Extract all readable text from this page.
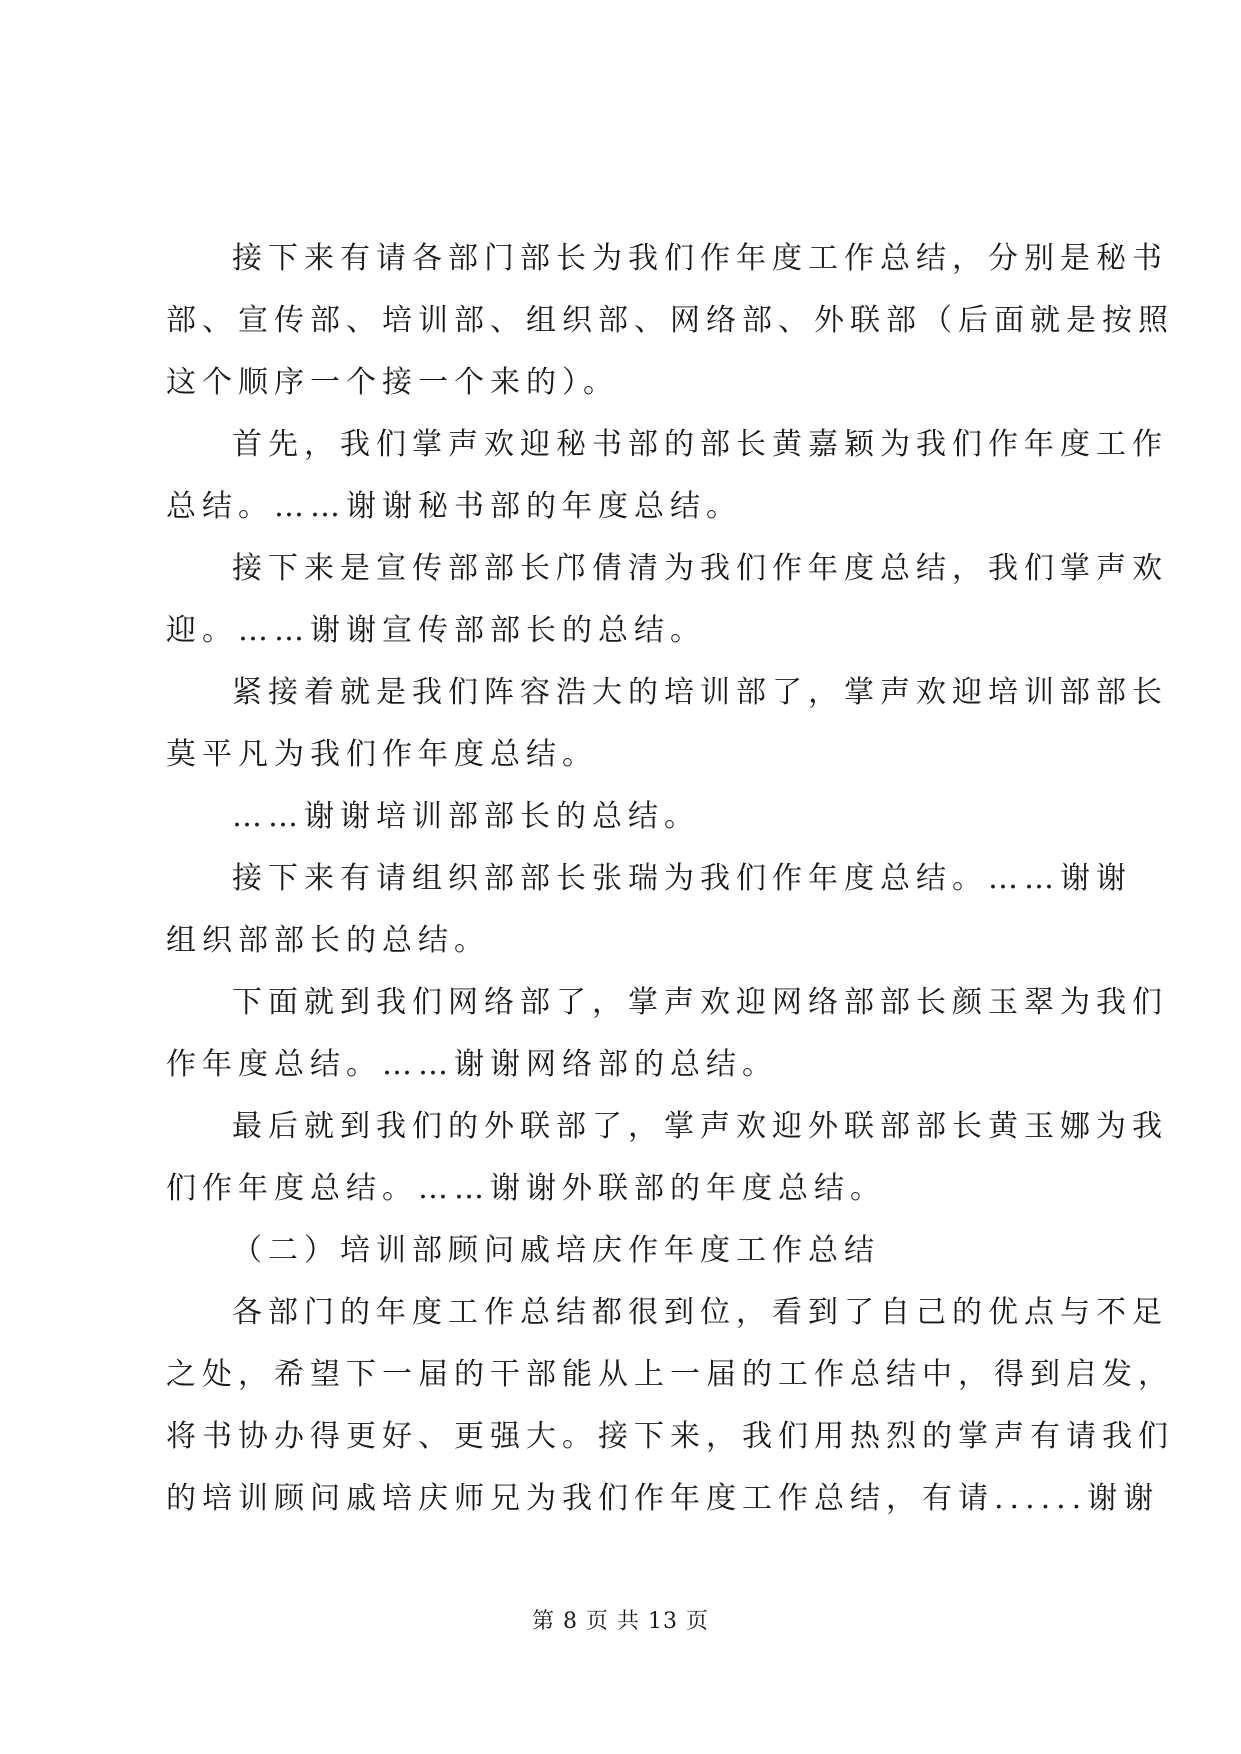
接下来有请各部门部长为我们作年度工作总结，分别是秘书
部、宣传部、培训部、组织部、网络部、外联部（后面就是按照
这个顺序一个接一个来的）。
首先，我们掌声欢迎秘书部的部长黄嘉颖为我们作年度工作
总结。……谢谢秘书部的年度总结。
接下来是宣传部部长邝倩清为我们作年度总结，我们掌声欢
迎。……谢谢宣传部部长的总结。
紧接着就是我们阵容浩大的培训部了，掌声欢迎培训部部长
莫平凡为我们作年度总结。
……谢谢培训部部长的总结。
接下来有请组织部部长张瑞为我们作年度总结。……谢谢
组织部部长的总结。
下面就到我们网络部了，掌声欢迎网络部部长颜玉翠为我们
作年度总结。……谢谢网络部的总结。
最后就到我们的外联部了，掌声欢迎外联部部长黄玉娜为我
们作年度总结。……谢谢外联部的年度总结。
（二）培训部顾问戚培庆作年度工作总结
各部门的年度工作总结都很到位，看到了自己的优点与不足
之处，希望下一届的干部能从上一届的工作总结中，得到启发，
将书协办得更好、更强大。接下来，我们用热烈的掌声有请我们
的培训顾问戚培庆师兄为我们作年度工作总结，有请......谢谢
第 8 页 共 13 页
